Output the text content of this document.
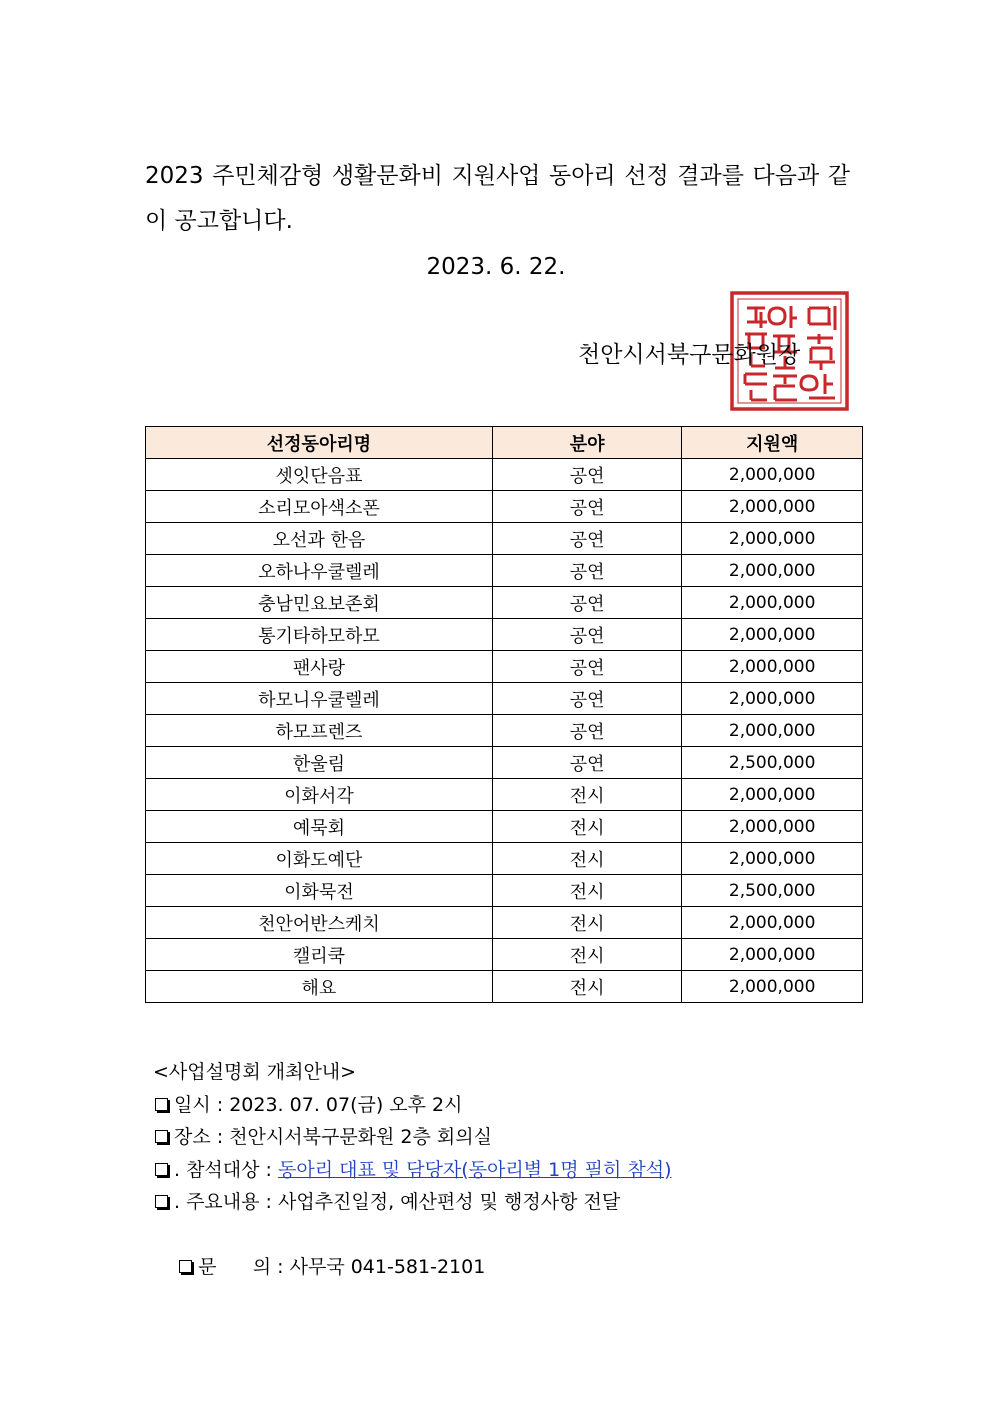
2023 주민체감형 생활문화비 지원사업 동아리 선정 결과를 다음과 같이 공고합니다.
2023. 6. 22.
천안시서북구문화원장
선정동아리명	분야	지원액
셋잇단음표	공연	2,000,000
소리모아색소폰	공연	2,000,000
오선과 한음	공연	2,000,000
오하나우쿨렐레	공연	2,000,000
충남민요보존회	공연	2,000,000
통기타하모하모	공연	2,000,000
팬사랑	공연	2,000,000
하모니우쿨렐레	공연	2,000,000
하모프렌즈	공연	2,000,000
한울림	공연	2,500,000
이화서각	전시	2,000,000
예묵회	전시	2,000,000
이화도예단	전시	2,000,000
이화묵전	전시	2,500,000
천안어반스케치	전시	2,000,000
캘리쿡	전시	2,000,000
해요	전시	2,000,000
<사업설명회 개최안내>
일시 : 2023. 07. 07(금) 오후 2시
장소 : 천안시서북구문화원 2층 회의실
. 참석대상 : 동아리 대표 및 담당자(동아리별 1명 필히 참석)
. 주요내용 : 사업추진일정, 예산편성 및 행정사항 전달

문      의 : 사무국 041-581-2101
